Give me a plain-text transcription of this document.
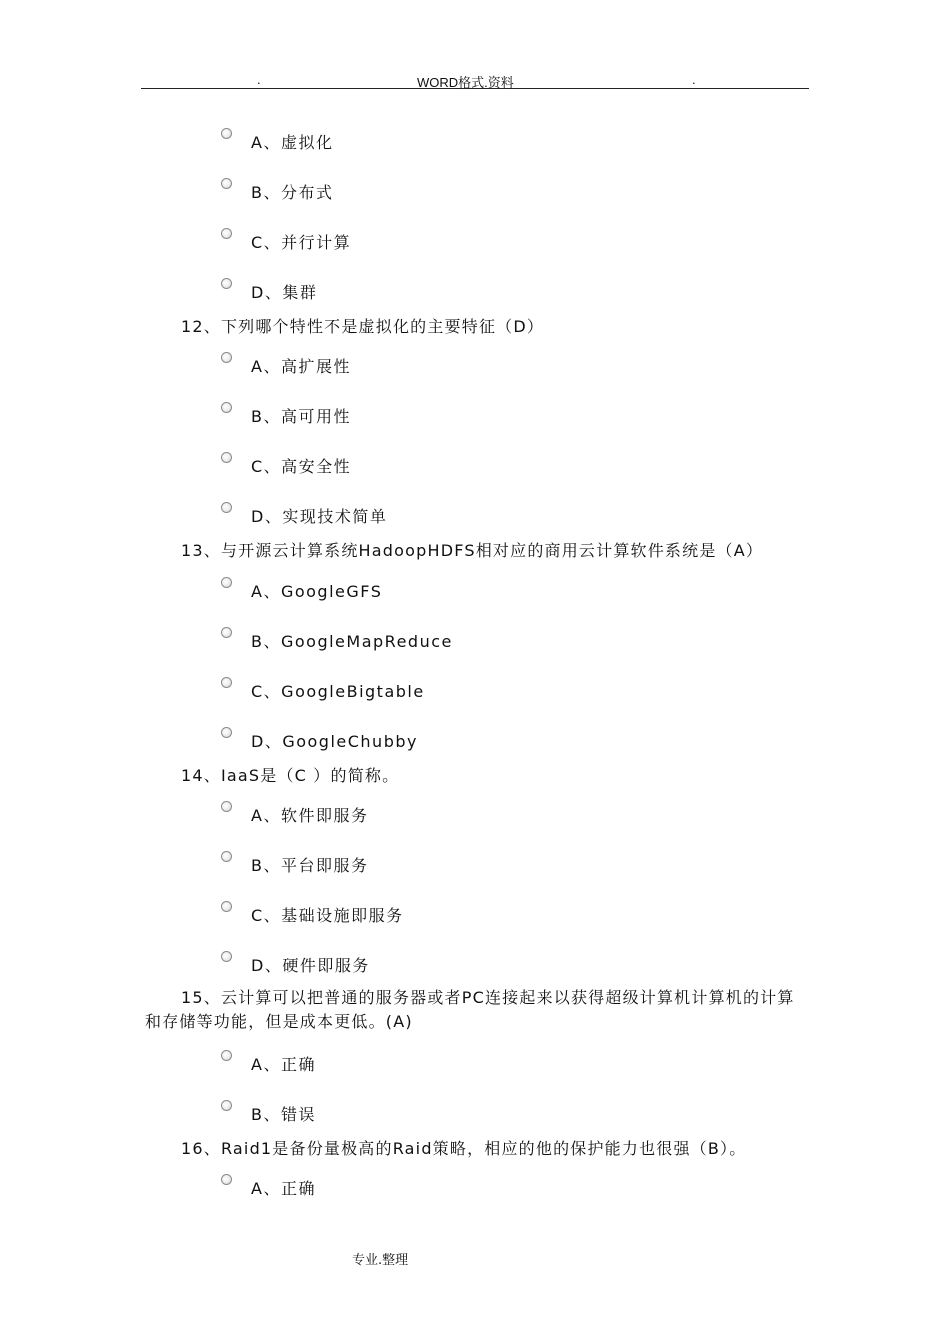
.	WORD格式.资料	.
A、虚拟化
B、分布式
C、并行计算
D、集群
12、下列哪个特性不是虚拟化的主要特征（D）
A、高扩展性
B、高可用性
C、高安全性
D、实现技术简单
13、与开源云计算系统HadoopHDFS相对应的商用云计算软件系统是（A）
A、GoogleGFS
B、GoogleMapReduce
C、GoogleBigtable
D、GoogleChubby
14、IaaS是（C ）的简称。
A、软件即服务
B、平台即服务
C、基础设施即服务
D、硬件即服务
15、云计算可以把普通的服务器或者PC连接起来以获得超级计算机计算机的计算和存储等功能，但是成本更低。(A)
A、正确
B、错误
16、Raid1是备份量极高的Raid策略，相应的他的保护能力也很强（B）。
A、正确
专业.整理
